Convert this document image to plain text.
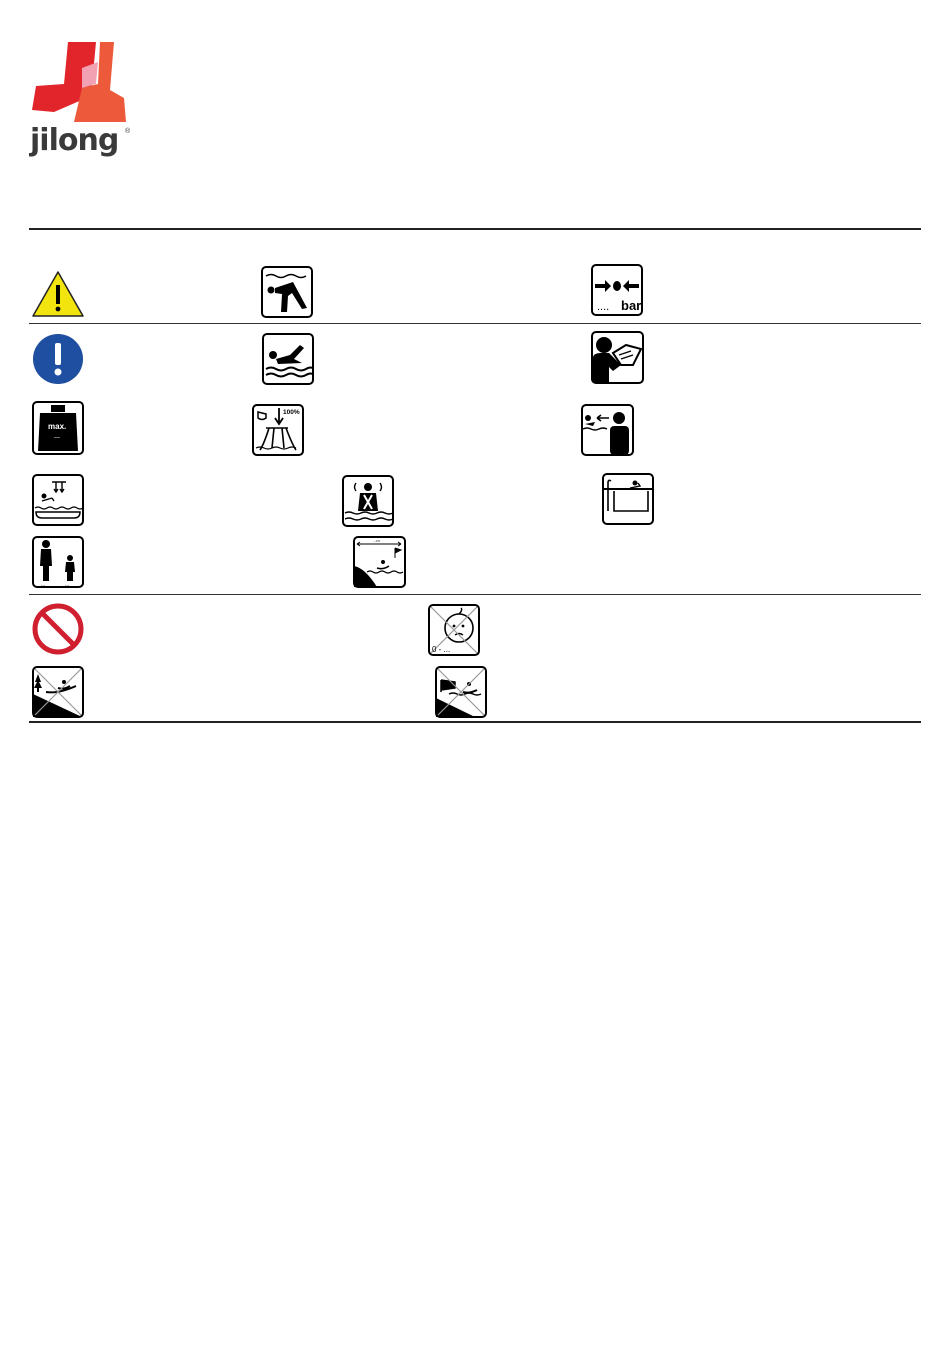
jilong ®
.... bar
max.
—
100%
...	...
...m
0 - ...
